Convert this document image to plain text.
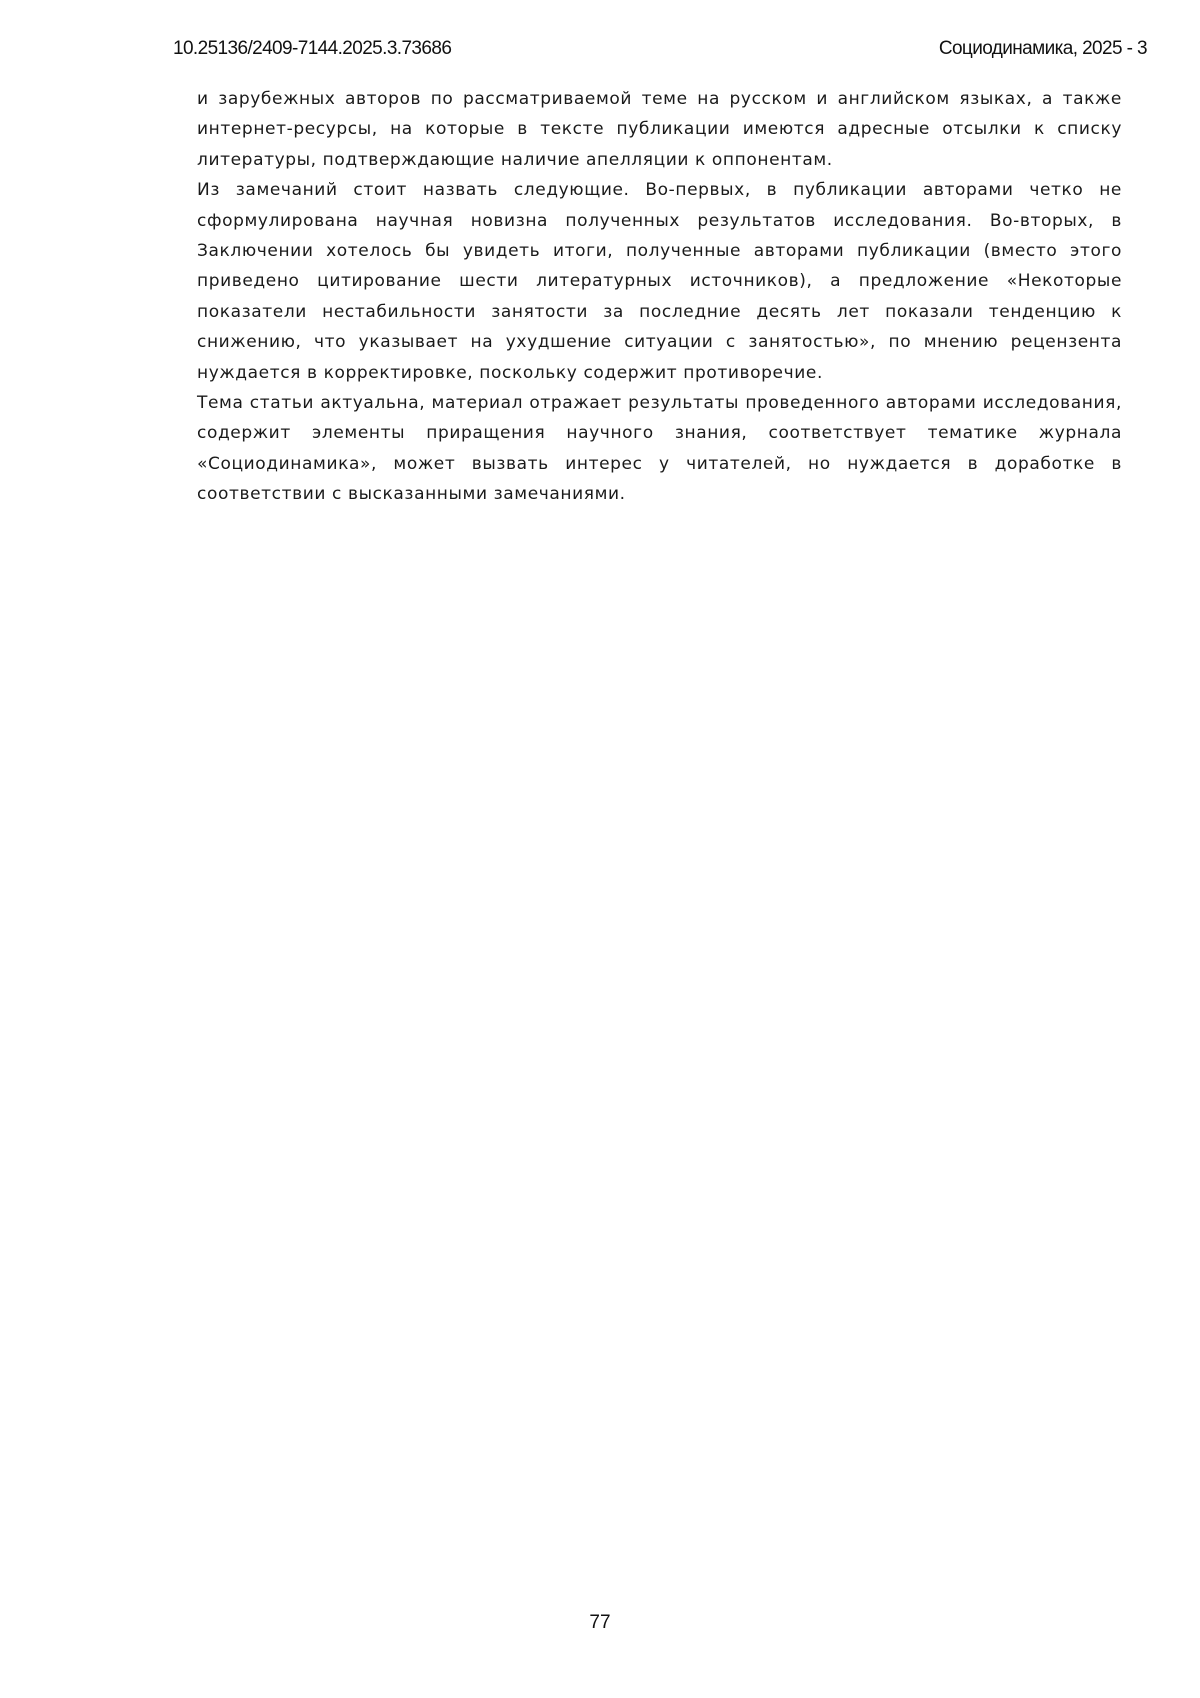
10.25136/2409-7144.2025.3.73686	Социодинамика, 2025 - 3

и зарубежных авторов по рассматриваемой теме на русском и английском языках, а также интернет-ресурсы, на которые в тексте публикации имеются адресные отсылки к списку литературы, подтверждающие наличие апелляции к оппонентам.

Из замечаний стоит назвать следующие. Во-первых, в публикации авторами четко не сформулирована научная новизна полученных результатов исследования. Во-вторых, в Заключении хотелось бы увидеть итоги, полученные авторами публикации (вместо этого приведено цитирование шести литературных источников), а предложение «Некоторые показатели нестабильности занятости за последние десять лет показали тенденцию к снижению, что указывает на ухудшение ситуации с занятостью», по мнению рецензента нуждается в корректировке, поскольку содержит противоречие.

Тема статьи актуальна, материал отражает результаты проведенного авторами исследования, содержит элементы приращения научного знания, соответствует тематике журнала «Социодинамика», может вызвать интерес у читателей, но нуждается в доработке в соответствии с высказанными замечаниями.

77
